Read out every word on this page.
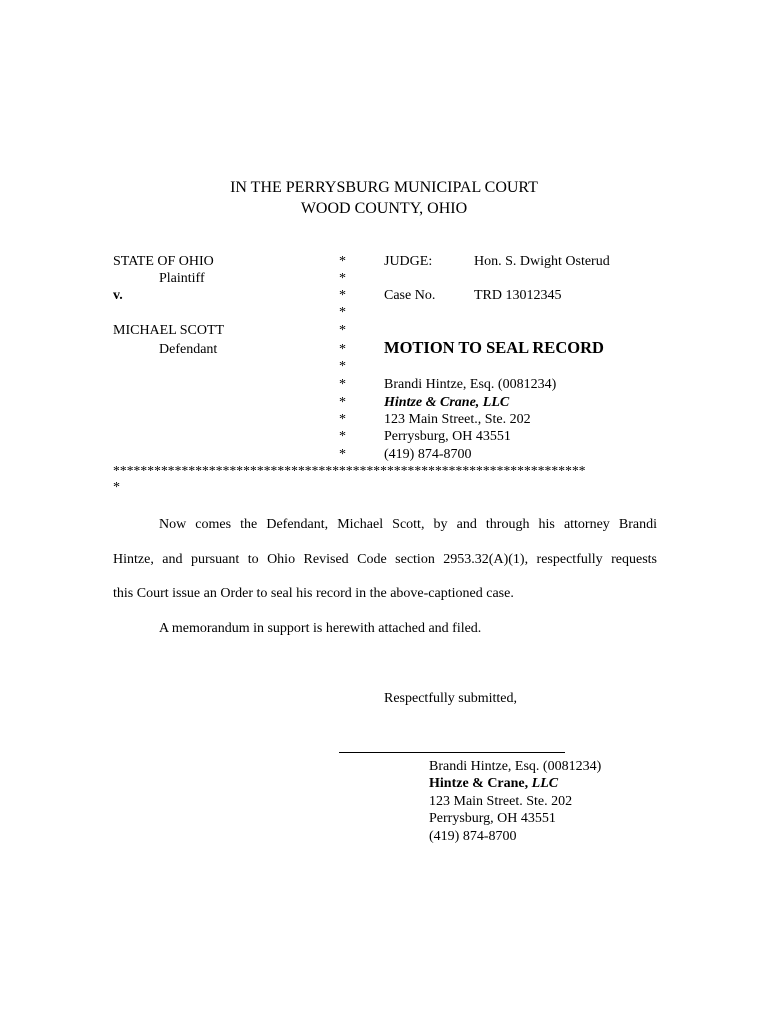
IN THE PERRYSBURG MUNICIPAL COURT
WOOD COUNTY, OHIO
STATE OF OHIO
Plaintiff
v.
MICHAEL SCOTT
Defendant
*
*
*
*
*
*
*
*
*
*
*
*
JUDGE:	Hon. S. Dwight Osterud
Case No.	TRD 13012345
MOTION TO SEAL RECORD
Brandi Hintze, Esq. (0081234)
Hintze & Crane, LLC
123 Main Street., Ste. 202
Perrysburg, OH 43551
(419) 874-8700
*********************************************************************
*
Now comes the Defendant, Michael Scott, by and through his attorney Brandi
Hintze, and pursuant to Ohio Revised Code section 2953.32(A)(1), respectfully requests
this Court issue an Order to seal his record in the above-captioned case.
A memorandum in support is herewith attached and filed.
Respectfully submitted,
Brandi Hintze, Esq. (0081234)
Hintze & Crane, LLC
123 Main Street. Ste. 202
Perrysburg, OH 43551
(419) 874-8700
